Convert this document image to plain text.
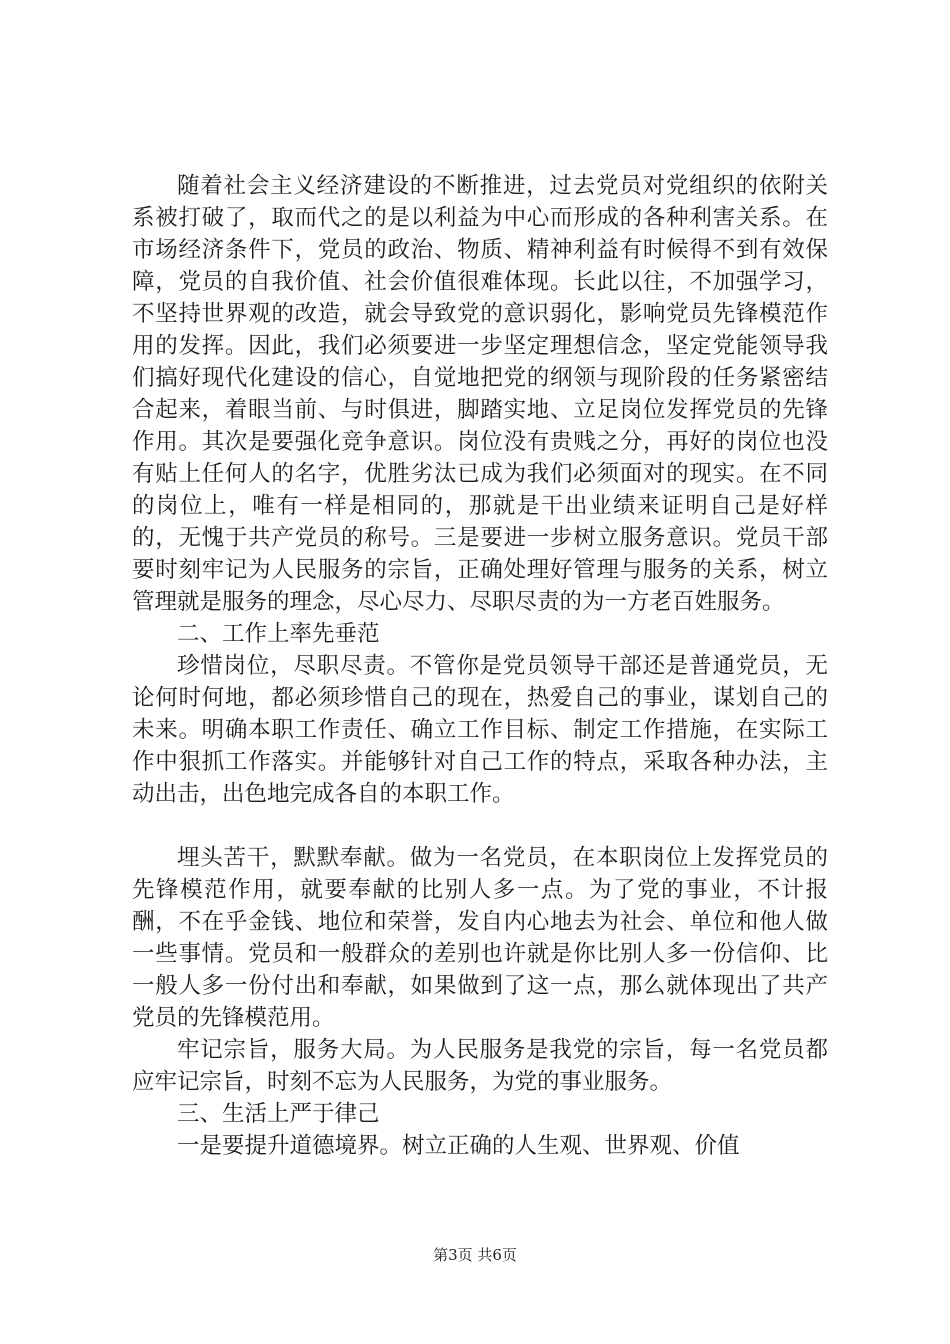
随着社会主义经济建设的不断推进，过去党员对党组织的依附关系被打破了，取而代之的是以利益为中心而形成的各种利害关系。在市场经济条件下，党员的政治、物质、精神利益有时候得不到有效保障，党员的自我价值、社会价值很难体现。长此以往，不加强学习，不坚持世界观的改造，就会导致党的意识弱化，影响党员先锋模范作用的发挥。因此，我们必须要进一步坚定理想信念，坚定党能领导我们搞好现代化建设的信心，自觉地把党的纲领与现阶段的任务紧密结合起来，着眼当前、与时俱进，脚踏实地、立足岗位发挥党员的先锋作用。其次是要强化竞争意识。岗位没有贵贱之分，再好的岗位也没有贴上任何人的名字，优胜劣汰已成为我们必须面对的现实。在不同的岗位上，唯有一样是相同的，那就是干出业绩来证明自己是好样的，无愧于共产党员的称号。三是要进一步树立服务意识。党员干部要时刻牢记为人民服务的宗旨，正确处理好管理与服务的关系，树立管理就是服务的理念，尽心尽力、尽职尽责的为一方老百姓服务。

二、工作上率先垂范

珍惜岗位，尽职尽责。不管你是党员领导干部还是普通党员，无论何时何地，都必须珍惜自己的现在，热爱自己的事业，谋划自己的未来。明确本职工作责任、确立工作目标、制定工作措施，在实际工作中狠抓工作落实。并能够针对自己工作的特点，采取各种办法，主动出击，出色地完成各自的本职工作。

埋头苦干，默默奉献。做为一名党员，在本职岗位上发挥党员的先锋模范作用，就要奉献的比别人多一点。为了党的事业，不计报酬，不在乎金钱、地位和荣誉，发自内心地去为社会、单位和他人做一些事情。党员和一般群众的差别也许就是你比别人多一份信仰、比一般人多一份付出和奉献，如果做到了这一点，那么就体现出了共产党员的先锋模范用。

牢记宗旨，服务大局。为人民服务是我党的宗旨，每一名党员都应牢记宗旨，时刻不忘为人民服务，为党的事业服务。

三、生活上严于律己

一是要提升道德境界。树立正确的人生观、世界观、价值

第3页 共6页
